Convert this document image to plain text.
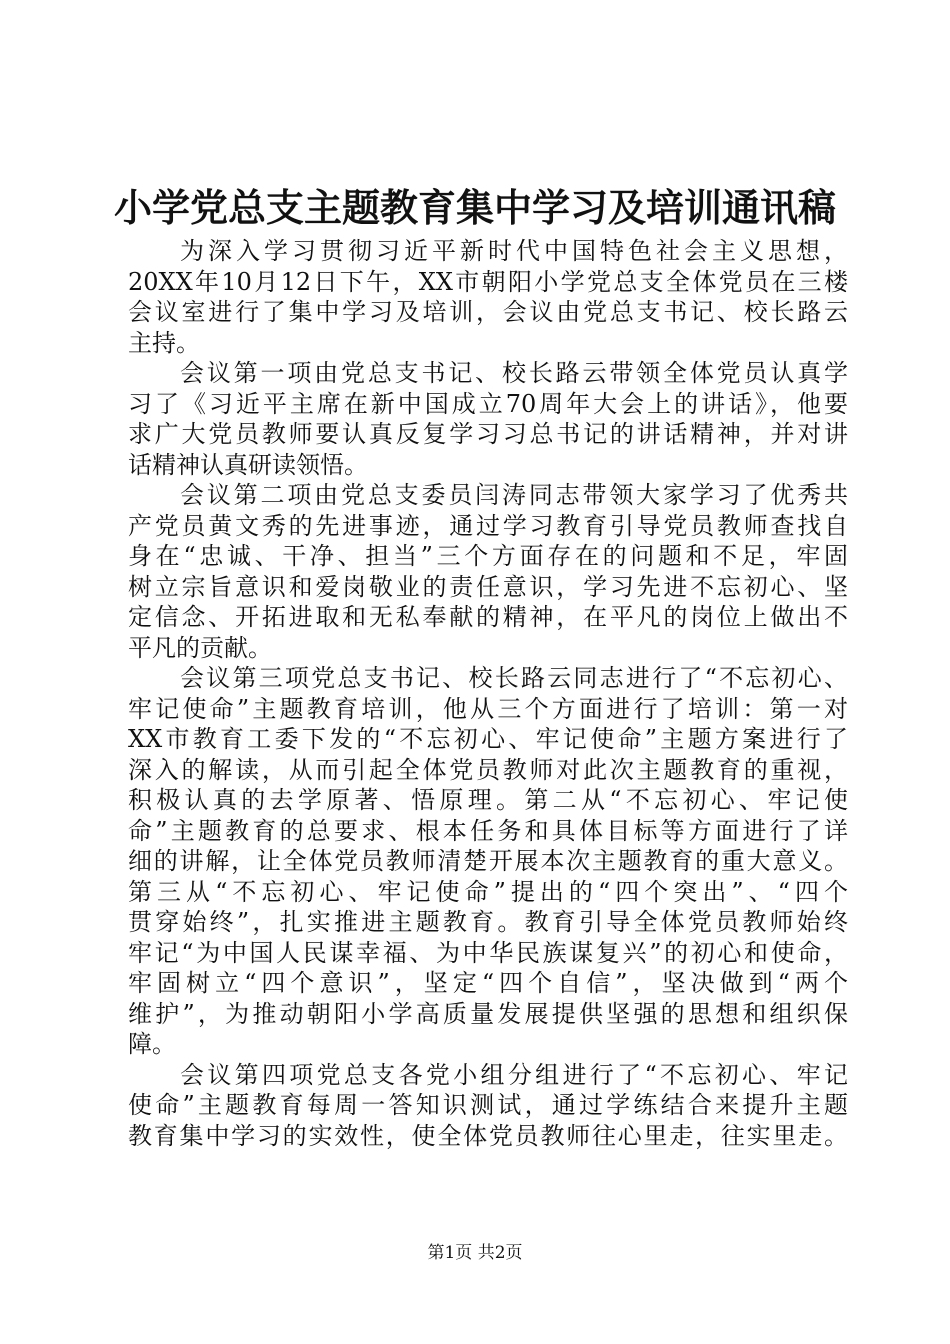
小学党总支主题教育集中学习及培训通讯稿
为深入学习贯彻习近平新时代中国特色社会主义思想，
20XX年10月12日下午，XX市朝阳小学党总支全体党员在三楼
会议室进行了集中学习及培训，会议由党总支书记、校长路云
主持。
会议第一项由党总支书记、校长路云带领全体党员认真学
习了《习近平主席在新中国成立70周年大会上的讲话》，他要
求广大党员教师要认真反复学习习总书记的讲话精神，并对讲
话精神认真研读领悟。
会议第二项由党总支委员闫涛同志带领大家学习了优秀共
产党员黄文秀的先进事迹，通过学习教育引导党员教师查找自
身在“忠诚、干净、担当”三个方面存在的问题和不足，牢固
树立宗旨意识和爱岗敬业的责任意识，学习先进不忘初心、坚
定信念、开拓进取和无私奉献的精神，在平凡的岗位上做出不
平凡的贡献。
会议第三项党总支书记、校长路云同志进行了“不忘初心、
牢记使命”主题教育培训，他从三个方面进行了培训：第一对
XX市教育工委下发的“不忘初心、牢记使命”主题方案进行了
深入的解读，从而引起全体党员教师对此次主题教育的重视，
积极认真的去学原著、悟原理。第二从“不忘初心、牢记使
命”主题教育的总要求、根本任务和具体目标等方面进行了详
细的讲解，让全体党员教师清楚开展本次主题教育的重大意义。
第三从“不忘初心、牢记使命”提出的“四个突出”、“四个
贯穿始终”，扎实推进主题教育。教育引导全体党员教师始终
牢记“为中国人民谋幸福、为中华民族谋复兴”的初心和使命，
牢固树立“四个意识”，坚定“四个自信”，坚决做到“两个
维护”，为推动朝阳小学高质量发展提供坚强的思想和组织保
障。
会议第四项党总支各党小组分组进行了“不忘初心、牢记
使命”主题教育每周一答知识测试，通过学练结合来提升主题
教育集中学习的实效性，使全体党员教师往心里走，往实里走。
第1页 共2页
